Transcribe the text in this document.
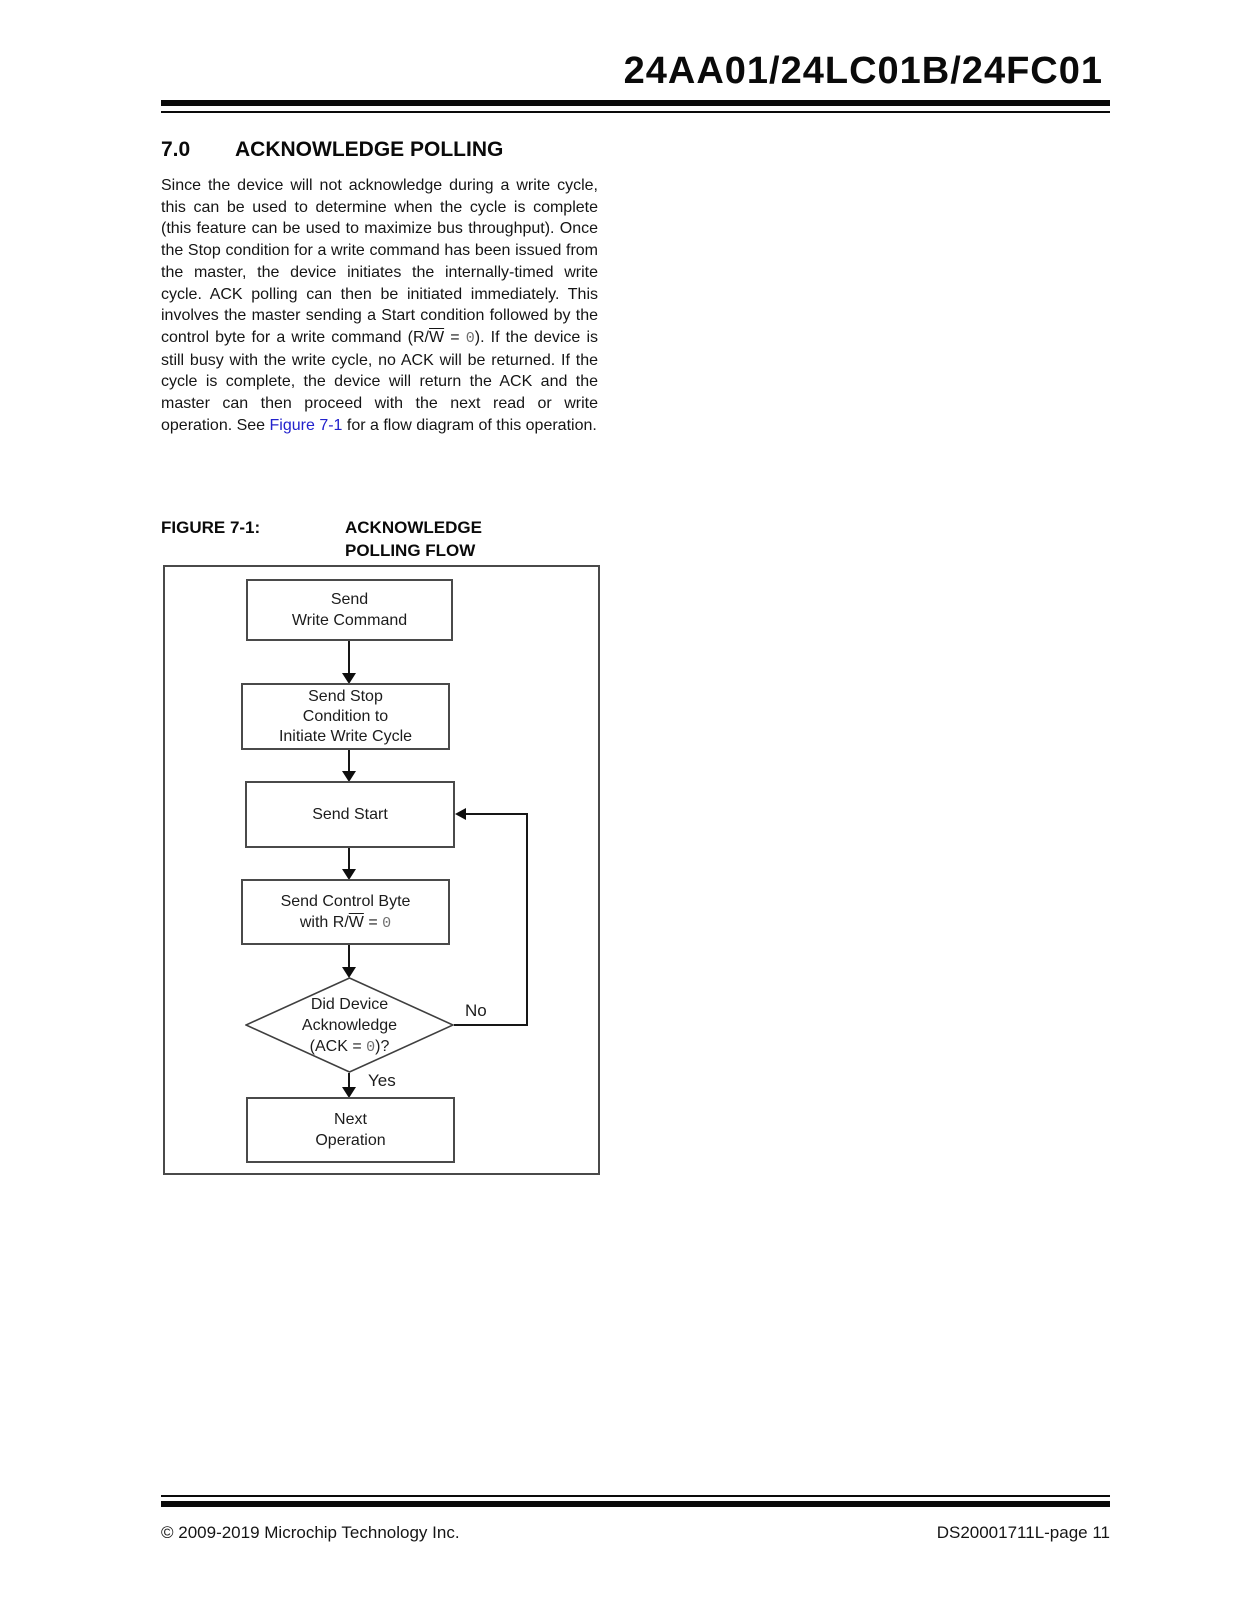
24AA01/24LC01B/24FC01
7.0 ACKNOWLEDGE POLLING

Since the device will not acknowledge during a write cycle, this can be used to determine when the cycle is complete (this feature can be used to maximize bus throughput). Once the Stop condition for a write command has been issued from the master, the device initiates the internally-timed write cycle. ACK polling can then be initiated immediately. This involves the master sending a Start condition followed by the control byte for a write command $(R/\overline{W} = 0)$. If the device is still busy with the write cycle, no ACK will be returned. If the cycle is complete, the device will return the ACK and the master can then proceed with the next read or write operation. See Figure 7-1 for a flow diagram of this operation.

FIGURE 7-1:	ACKNOWLEDGE
POLLING FLOW
Send
Write Command
Send Stop
Condition to
Initiate Write Cycle
Send Start
Send Control Byte
with $R/\overline{W} = 0$
Did Device
Acknowledge
(ACK = 0)?
No
Yes
Next
Operation
© 2009-2019 Microchip Technology Inc.	DS20001711L-page 11
